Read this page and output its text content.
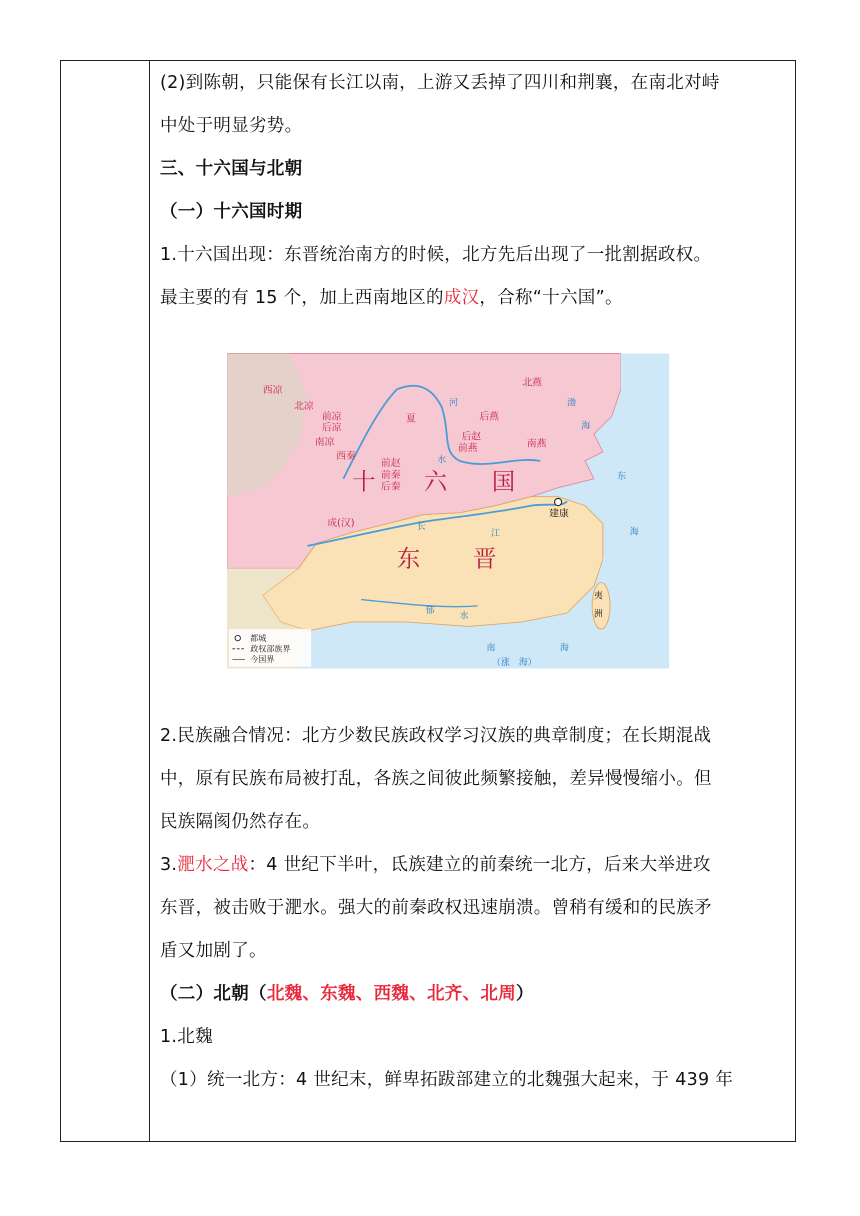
(2)到陈朝，只能保有长江以南，上游又丢掉了四川和荆襄，在南北对峙

中处于明显劣势。

三、十六国与北朝

（一）十六国时期

1.十六国出现：东晋统治南方的时候，北方先后出现了一批割据政权。

最主要的有 15 个，加上西南地区的成汉，合称“十六国”。

西凉
北凉
前凉
后凉
南凉
西秦
夏
前赵
前秦
后秦
后燕
后赵
前燕
北燕
南燕
成(汉)
十 六 国
东 晋
建康
河
水
长
江
郁
水
渤
海
东
海
南	海
（涨　海）
夷
洲
都城
政权部族界
今国界

2.民族融合情况：北方少数民族政权学习汉族的典章制度；在长期混战

中，原有民族布局被打乱，各族之间彼此频繁接触，差异慢慢缩小。但

民族隔阂仍然存在。

3.淝水之战：4 世纪下半叶，氐族建立的前秦统一北方，后来大举进攻

东晋，被击败于淝水。强大的前秦政权迅速崩溃。曾稍有缓和的民族矛

盾又加剧了。

（二）北朝（北魏、东魏、西魏、北齐、北周）

1.北魏

（1）统一北方：4 世纪末，鲜卑拓跋部建立的北魏强大起来，于 439 年
